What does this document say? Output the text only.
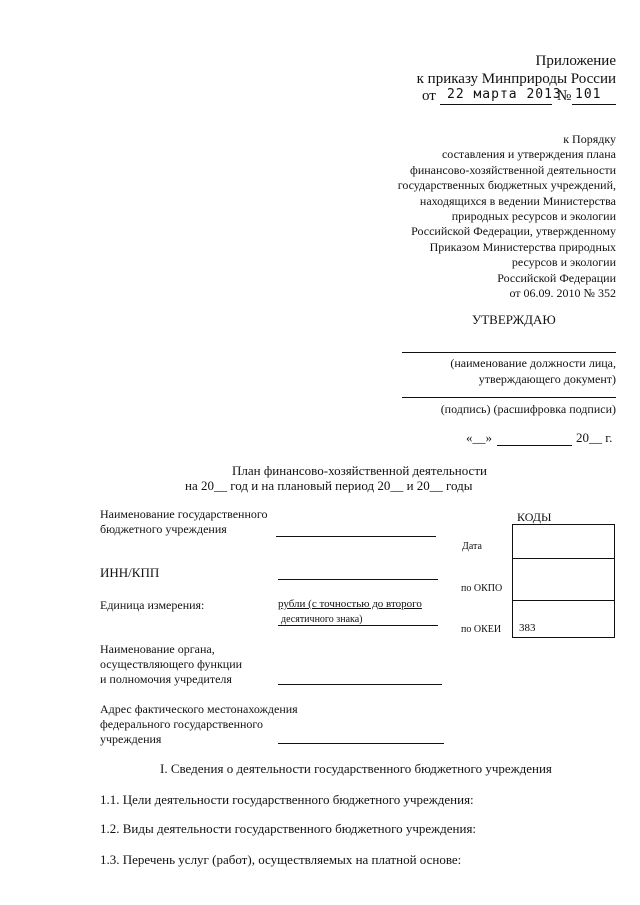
Приложение
к приказу Минприроды России
от 22 марта 2013
№ 101
к Порядку
составления и утверждения плана
финансово-хозяйственной деятельности
государственных бюджетных учреждений,
находящихся в ведении Министерства
природных ресурсов и экологии
Российской Федерации, утвержденному
Приказом Министерства природных
ресурсов и экологии
Российской Федерации
от 06.09. 2010 № 352
УТВЕРЖДАЮ
(наименование должности лица,
утверждающего документ)
(подпись) (расшифровка подписи)
«__»	20__ г.
План финансово-хозяйственной деятельности
на 20__ год и на плановый период 20__ и 20__ годы
Наименование государственного
бюджетного учреждения
ИНН/КПП
Единица измерения:	рубли (с точностью до второго
десятичного знака)
Наименование органа,
осуществляющего функции
и полномочия учредителя
Адрес фактического местонахождения
федерального государственного
учреждения
КОДЫ
383
Дата
по ОКПО
по ОКЕИ
I. Сведения о деятельности государственного бюджетного учреждения
1.1. Цели деятельности государственного бюджетного учреждения:
1.2. Виды деятельности государственного бюджетного учреждения:
1.3. Перечень услуг (работ), осуществляемых на платной основе:
